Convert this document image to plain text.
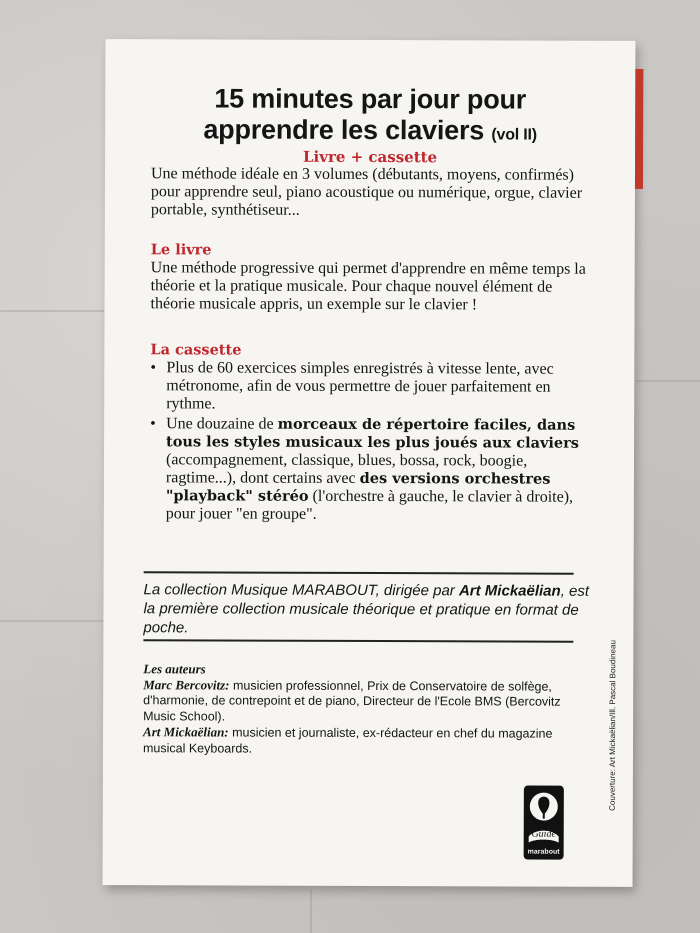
15 minutes par jour pour
apprendre les claviers (vol II)
Livre + cassette
Une méthode idéale en 3 volumes (débutants, moyens, confirmés) pour apprendre seul, piano acoustique ou numérique, orgue, clavier portable, synthétiseur...
Le livre
Une méthode progressive qui permet d'apprendre en même temps la théorie et la pratique musicale. Pour chaque nouvel élément de théorie musicale appris, un exemple sur le clavier !
La cassette
• Plus de 60 exercices simples enregistrés à vitesse lente, avec métronome, afin de vous permettre de jouer parfaitement en rythme.
• Une douzaine de morceaux de répertoire faciles, dans tous les styles musicaux les plus joués aux claviers (accompagnement, classique, blues, bossa, rock, boogie, ragtime...), dont certains avec des versions orchestres "playback" stéréo (l'orchestre à gauche, le clavier à droite), pour jouer "en groupe".
La collection Musique MARABOUT, dirigée par Art Mickaëlian, est la première collection musicale théorique et pratique en format de poche.
Les auteurs
Marc Bercovitz: musicien professionnel, Prix de Conservatoire de solfège, d'harmonie, de contrepoint et de piano, Directeur de l'Ecole BMS (Bercovitz Music School).
Art Mickaëlian: musicien et journaliste, ex-rédacteur en chef du magazine musical Keyboards.	Couverture: Art Mickaëlian/Ill. Pascal Boudineau
Guide
marabout
